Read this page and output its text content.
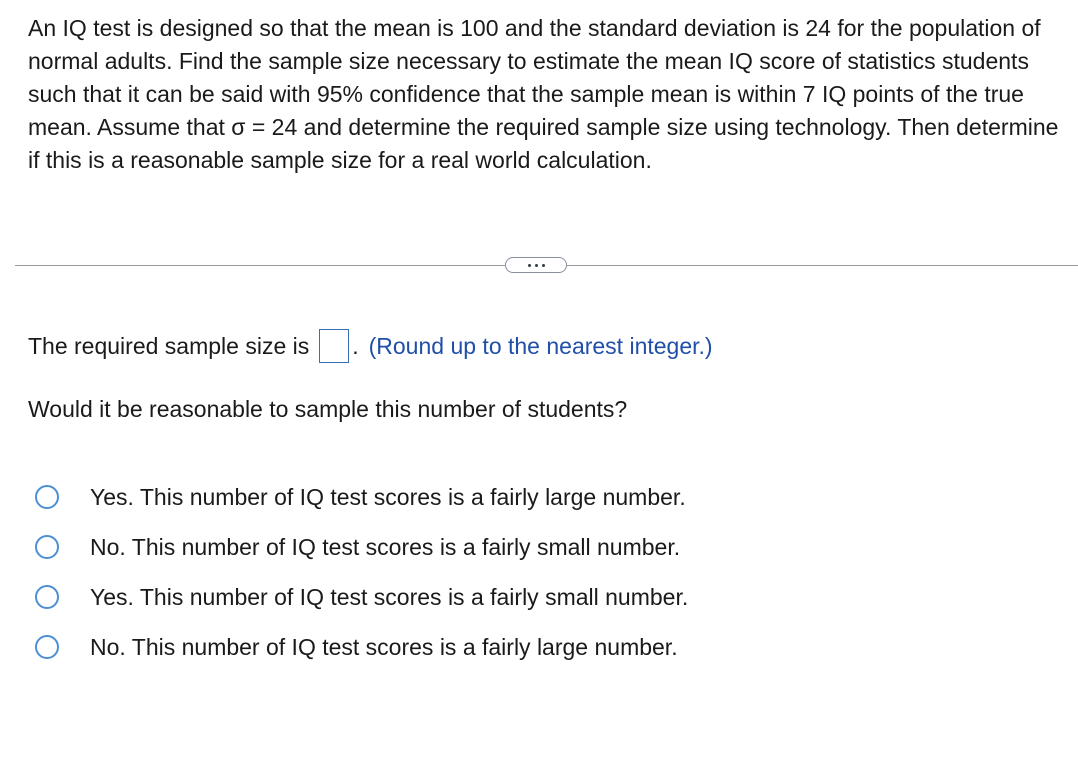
An IQ test is designed so that the mean is 100 and the standard deviation is 24 for the population of normal adults. Find the sample size necessary to estimate the mean IQ score of statistics students such that it can be said with 95% confidence that the sample mean is within 7 IQ points of the true mean. Assume that σ = 24 and determine the required sample size using technology. Then determine if this is a reasonable sample size for a real world calculation.

The required sample size is . (Round up to the nearest integer.)

Would it be reasonable to sample this number of students?

Yes. This number of IQ test scores is a fairly large number.
No. This number of IQ test scores is a fairly small number.
Yes. This number of IQ test scores is a fairly small number.
No. This number of IQ test scores is a fairly large number.
